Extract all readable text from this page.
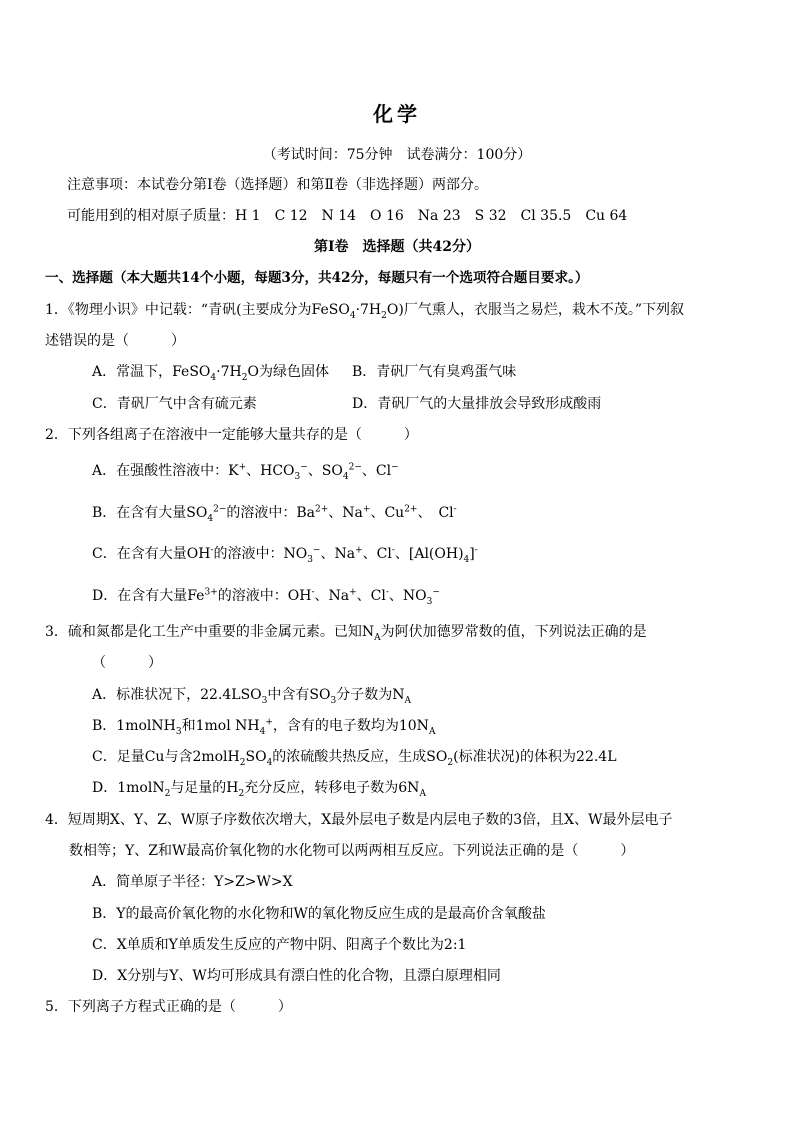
化学
（考试时间：75分钟　试卷满分：100分）
注意事项：本试卷分第Ⅰ卷（选择题）和第Ⅱ卷（非选择题）两部分。
可能用到的相对原子质量：H 1　C 12　N 14　O 16　Na 23　S 32　Cl 35.5　Cu 64
第Ⅰ卷　选择题（共42分）
一、选择题（本大题共14个小题，每题3分，共42分，每题只有一个选项符合题目要求。）
1．《物理小识》中记载：“青矾(主要成分为$FeSO_4\cdot 7H_2O$)厂气熏人，衣服当之易烂，栽木不茂。”下列叙
述错误的是（　　　）
A．常温下，$FeSO_4\cdot 7H_2O$为绿色固体 B．青矾厂气有臭鸡蛋气味
C．青矾厂气中含有硫元素	D．青矾厂气的大量排放会导致形成酸雨
2．下列各组离子在溶液中一定能够大量共存的是（　　　）
A．在强酸性溶液中：K+、$HCO_3^-$、$SO_4^{2-}$、Cl−
B．在含有大量$SO_4^{2-}$的溶液中：$Ba^{2+}$、Na+、$Cu^{2+}$、　Cl-
C．在含有大量OH-的溶液中：$NO_3^-$、Na+、Cl-、$[Al(OH)_4]^-$
D．在含有大量$Fe^{3+}$的溶液中：OH-、Na+、Cl-、$NO_3^-$
3．硫和氮都是化工生产中重要的非金属元素。已知$N_A$为阿伏加德罗常数的值，下列说法正确的是
（　　　）
A．标准状况下，$22.4LSO_3$中含有$SO_3$分子数为$N_A$
B．1molNH$_3$和1mol $NH_4^+$，含有的电子数均为$10N_A$
C．足量Cu与含$2molH_2SO_4$的浓硫酸共热反应，生成$SO_2$(标准状况)的体积为22.4L
D．1molN$_2$与足量的$H_2$充分反应，转移电子数为$6N_A$
4．短周期X、Y、Z、W原子序数依次增大，X最外层电子数是内层电子数的3倍，且X、W最外层电子
数相等；Y、Z和W最高价氧化物的水化物可以两两相互反应。下列说法正确的是（　　　）
A．简单原子半径：Y>Z>W>X
B．Y的最高价氧化物的水化物和W的氧化物反应生成的是最高价含氧酸盐
C．X单质和Y单质发生反应的产物中阴、阳离子个数比为2:1
D．X分别与Y、W均可形成具有漂白性的化合物，且漂白原理相同
5．下列离子方程式正确的是（　　　）
